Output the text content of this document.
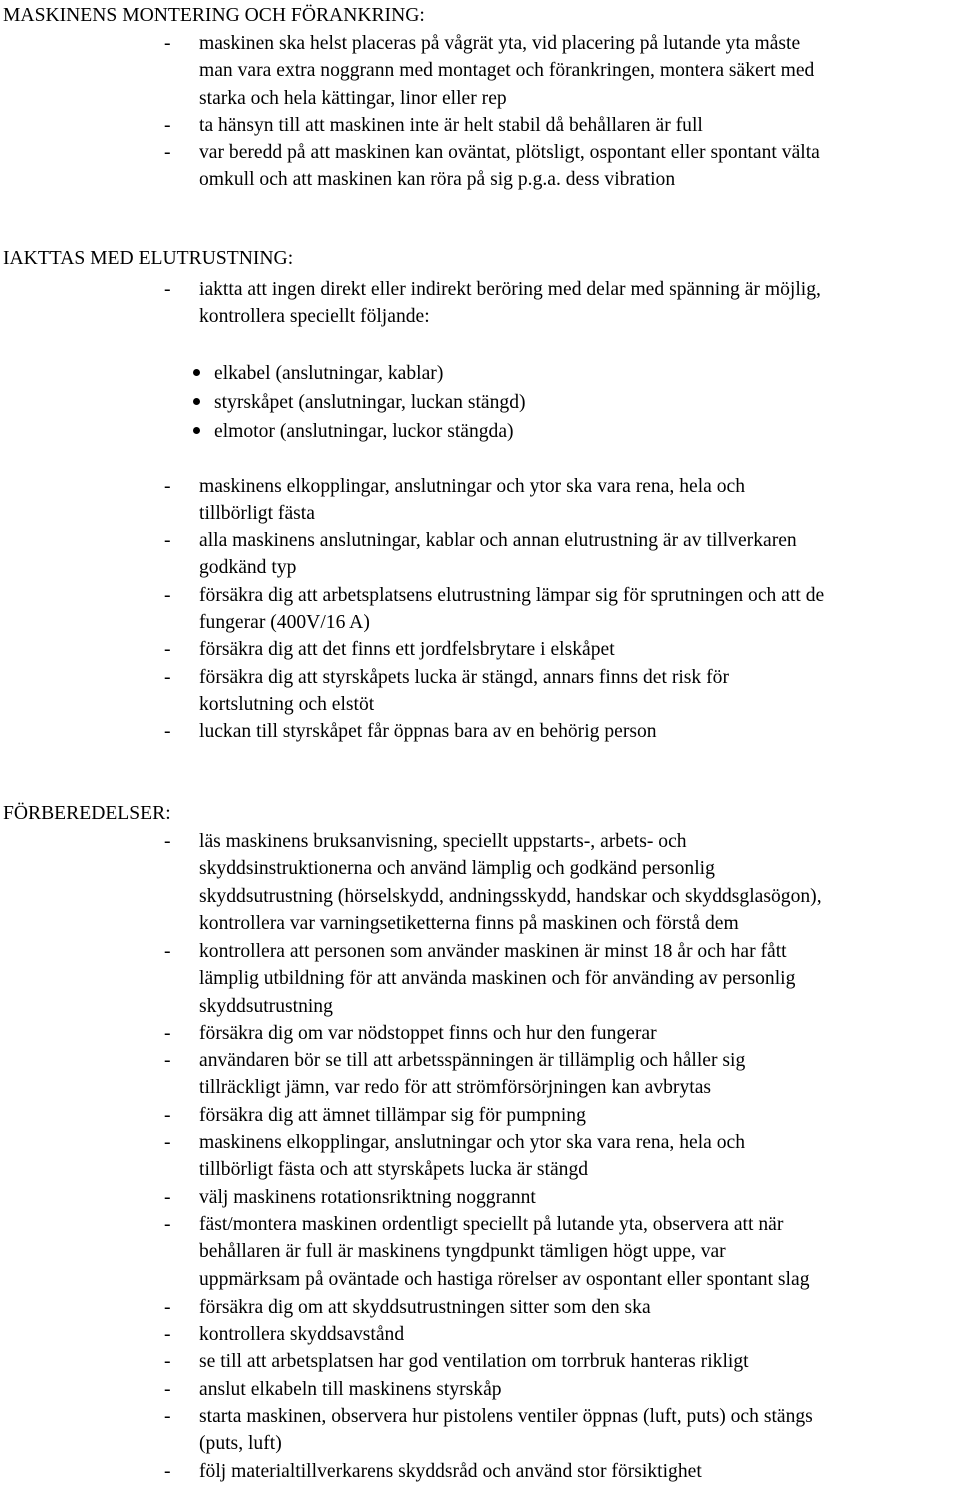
MASKINENS MONTERING OCH FÖRANKRING:
- maskinen ska helst placeras på vågrät yta, vid placering på lutande yta måste
man vara extra noggrann med montaget och förankringen, montera säkert med
starka och hela kättingar, linor eller rep
- ta hänsyn till att maskinen inte är helt stabil då behållaren är full
- var beredd på att maskinen kan oväntat, plötsligt, ospontant eller spontant välta
omkull och att maskinen kan röra på sig p.g.a. dess vibration
IAKTTAS MED ELUTRUSTNING:
- iaktta att ingen direkt eller indirekt beröring med delar med spänning är möjlig,
kontrollera speciellt följande:
elkabel (anslutningar, kablar)
styrskåpet (anslutningar, luckan stängd)
elmotor (anslutningar, luckor stängda)
- maskinens elkopplingar, anslutningar och ytor ska vara rena, hela och
tillbörligt fästa
- alla maskinens anslutningar, kablar och annan elutrustning är av tillverkaren
godkänd typ
- försäkra dig att arbetsplatsens elutrustning lämpar sig för sprutningen och att de
fungerar (400V/16 A)
- försäkra dig att det finns ett jordfelsbrytare i elskåpet
- försäkra dig att styrskåpets lucka är stängd, annars finns det risk för
kortslutning och elstöt
- luckan till styrskåpet får öppnas bara av en behörig person
FÖRBEREDELSER:
- läs maskinens bruksanvisning, speciellt uppstarts-, arbets- och
skyddsinstruktionerna och använd lämplig och godkänd personlig
skyddsutrustning (hörselskydd, andningsskydd, handskar och skyddsglasögon),
kontrollera var varningsetiketterna finns på maskinen och förstå dem
- kontrollera att personen som använder maskinen är minst 18 år och har fått
lämplig utbildning för att använda maskinen och för använding av personlig
skyddsutrustning
- försäkra dig om var nödstoppet finns och hur den fungerar
- användaren bör se till att arbetsspänningen är tillämplig och håller sig
tillräckligt jämn, var redo för att strömförsörjningen kan avbrytas
- försäkra dig att ämnet tillämpar sig för pumpning
- maskinens elkopplingar, anslutningar och ytor ska vara rena, hela och
tillbörligt fästa och att styrskåpets lucka är stängd
- välj maskinens rotationsriktning noggrannt
- fäst/montera maskinen ordentligt speciellt på lutande yta, observera att när
behållaren är full är maskinens tyngdpunkt tämligen högt uppe, var
uppmärksam på oväntade och hastiga rörelser av ospontant eller spontant slag
- försäkra dig om att skyddsutrustningen sitter som den ska
- kontrollera skyddsavstånd
- se till att arbetsplatsen har god ventilation om torrbruk hanteras rikligt
- anslut elkabeln till maskinens styrskåp
- starta maskinen, observera hur pistolens ventiler öppnas (luft, puts) och stängs
(puts, luft)
- följ materialtillverkarens skyddsråd och använd stor försiktighet
